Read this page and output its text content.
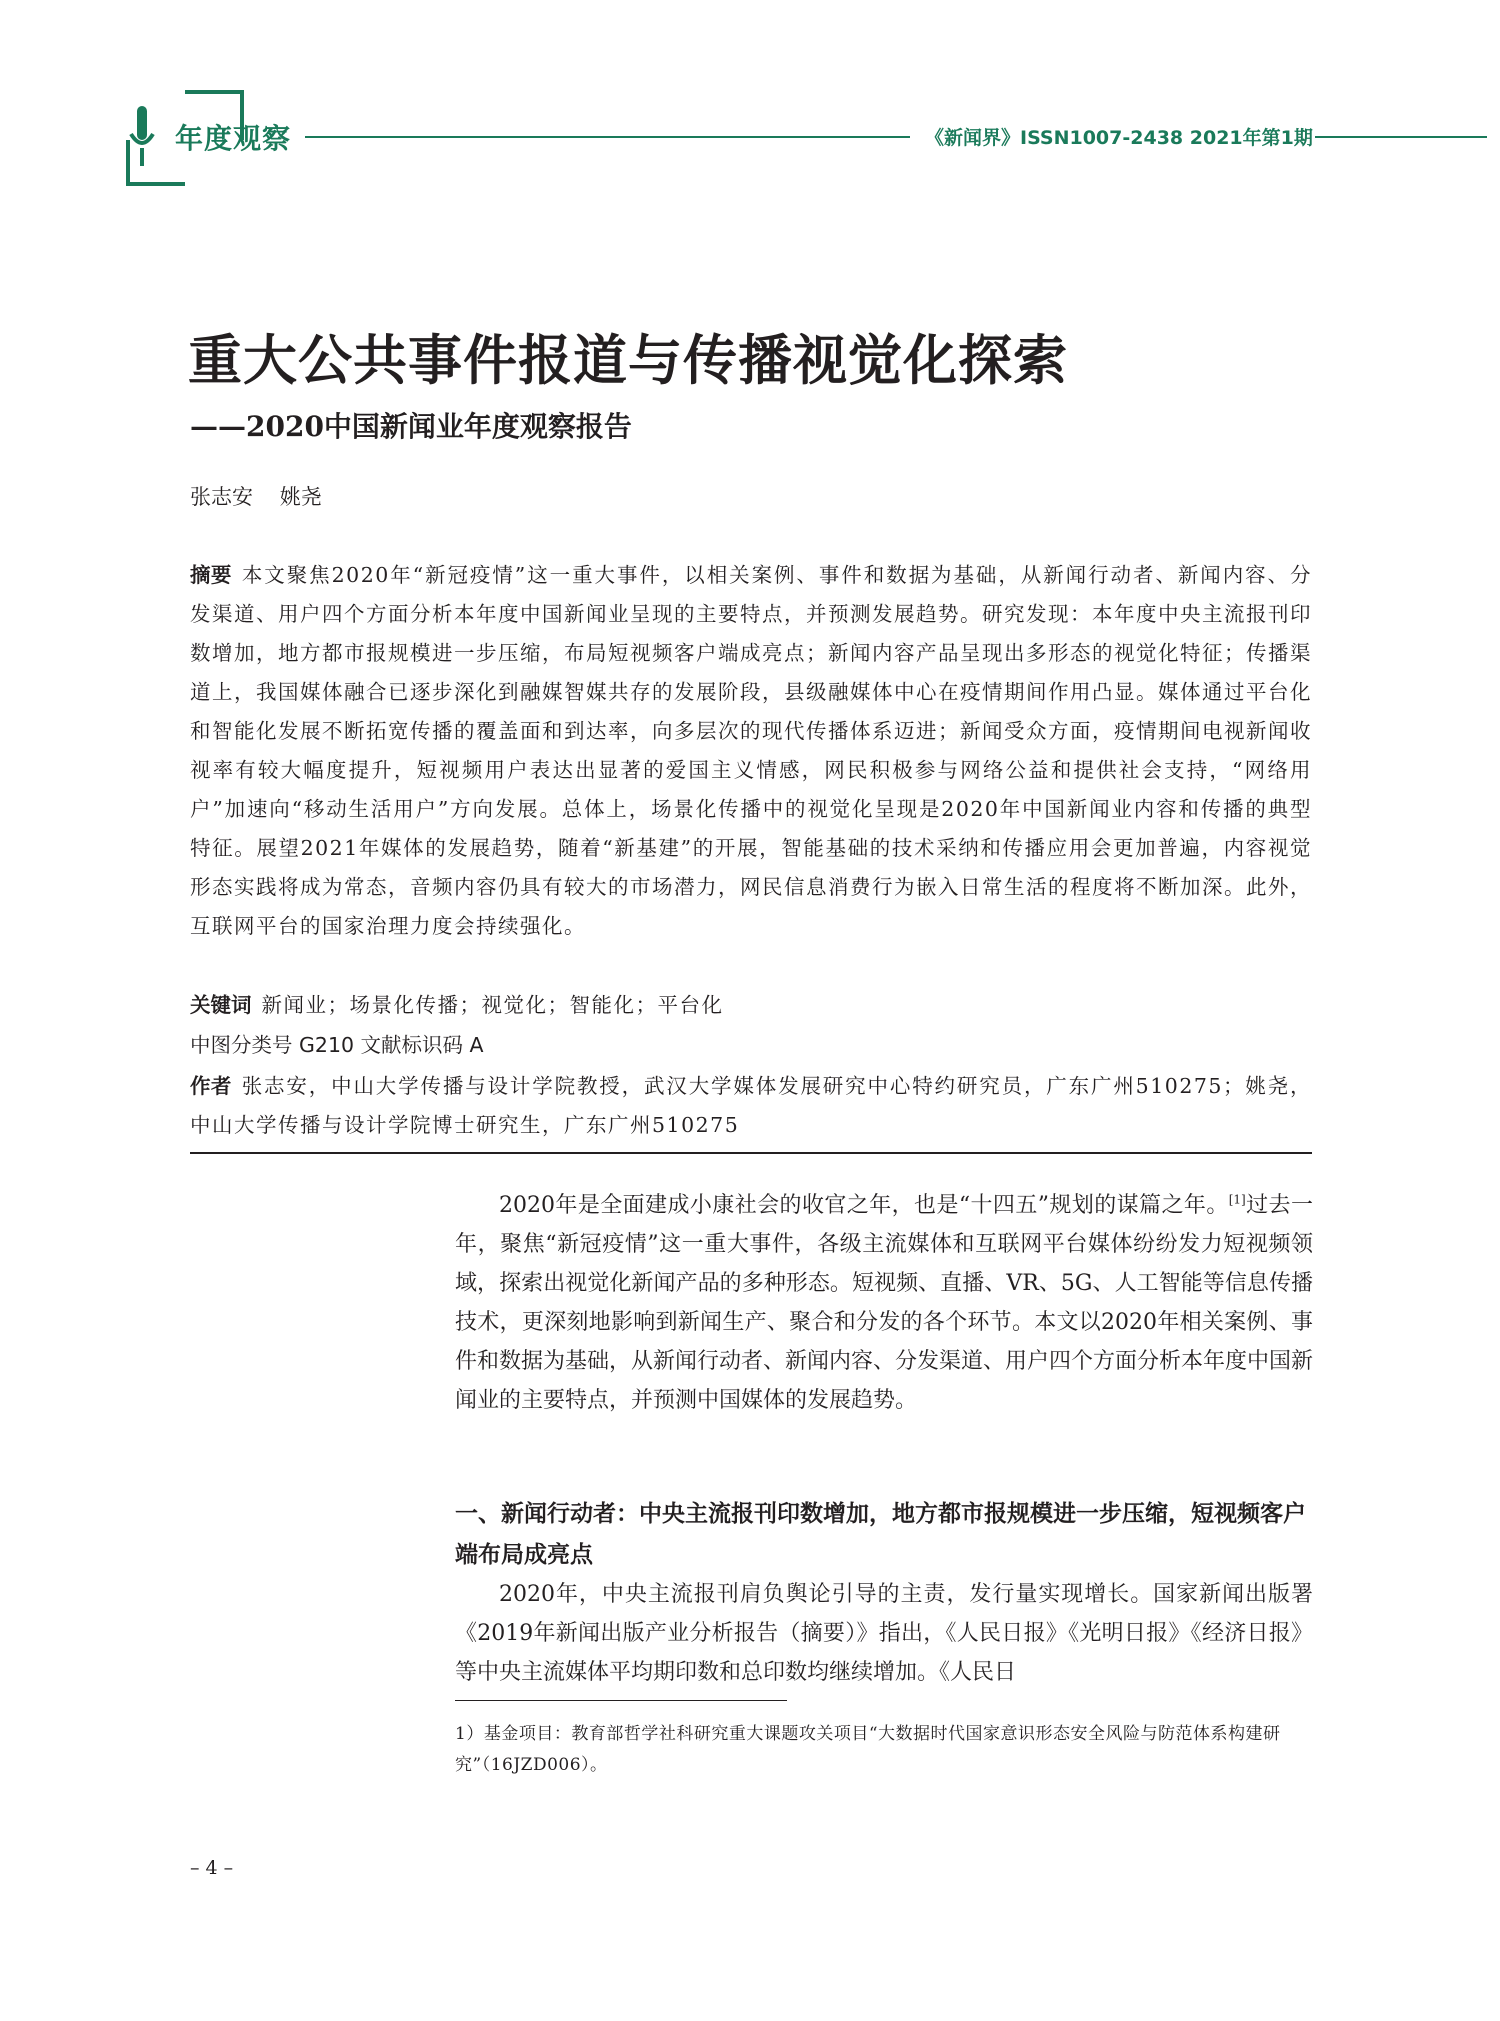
年度观察	《新闻界》ISSN1007-2438 2021年第1期
重大公共事件报道与传播视觉化探索
——2020中国新闻业年度观察报告
张志安    姚尧
摘要 本文聚焦2020年“新冠疫情”这一重大事件，以相关案例、事件和数据为基础，从新闻行动者、新闻内容、分发渠道、用户四个方面分析本年度中国新闻业呈现的主要特点，并预测发展趋势。研究发现：本年度中央主流报刊印数增加，地方都市报规模进一步压缩，布局短视频客户端成亮点；新闻内容产品呈现出多形态的视觉化特征；传播渠道上，我国媒体融合已逐步深化到融媒智媒共存的发展阶段，县级融媒体中心在疫情期间作用凸显。媒体通过平台化和智能化发展不断拓宽传播的覆盖面和到达率，向多层次的现代传播体系迈进；新闻受众方面，疫情期间电视新闻收视率有较大幅度提升，短视频用户表达出显著的爱国主义情感，网民积极参与网络公益和提供社会支持，“网络用户”加速向“移动生活用户”方向发展。总体上，场景化传播中的视觉化呈现是2020年中国新闻业内容和传播的典型特征。展望2021年媒体的发展趋势，随着“新基建”的开展，智能基础的技术采纳和传播应用会更加普遍，内容视觉形态实践将成为常态，音频内容仍具有较大的市场潜力，网民信息消费行为嵌入日常生活的程度将不断加深。此外，互联网平台的国家治理力度会持续强化。
关键词 新闻业；场景化传播；视觉化；智能化；平台化
中图分类号 G210 文献标识码 A
作者 张志安，中山大学传播与设计学院教授，武汉大学媒体发展研究中心特约研究员，广东广州510275；姚尧，中山大学传播与设计学院博士研究生，广东广州510275

2020年是全面建成小康社会的收官之年，也是“十四五”规划的谋篇之年。[1]过去一年，聚焦“新冠疫情”这一重大事件，各级主流媒体和互联网平台媒体纷纷发力短视频领域，探索出视觉化新闻产品的多种形态。短视频、直播、VR、5G、人工智能等信息传播技术，更深刻地影响到新闻生产、聚合和分发的各个环节。本文以2020年相关案例、事件和数据为基础，从新闻行动者、新闻内容、分发渠道、用户四个方面分析本年度中国新闻业的主要特点，并预测中国媒体的发展趋势。

一、新闻行动者：中央主流报刊印数增加，地方都市报规模进一步压缩，短视频客户端布局成亮点

2020年，中央主流报刊肩负舆论引导的主责，发行量实现增长。国家新闻出版署《2019年新闻出版产业分析报告（摘要）》指出，《人民日报》《光明日报》《经济日报》等中央主流媒体平均期印数和总印数均继续增加。《人民日

1）基金项目：教育部哲学社科研究重大课题攻关项目“大数据时代国家意识形态安全风险与防范体系构建研究”（16JZD006）。
– 4 –
